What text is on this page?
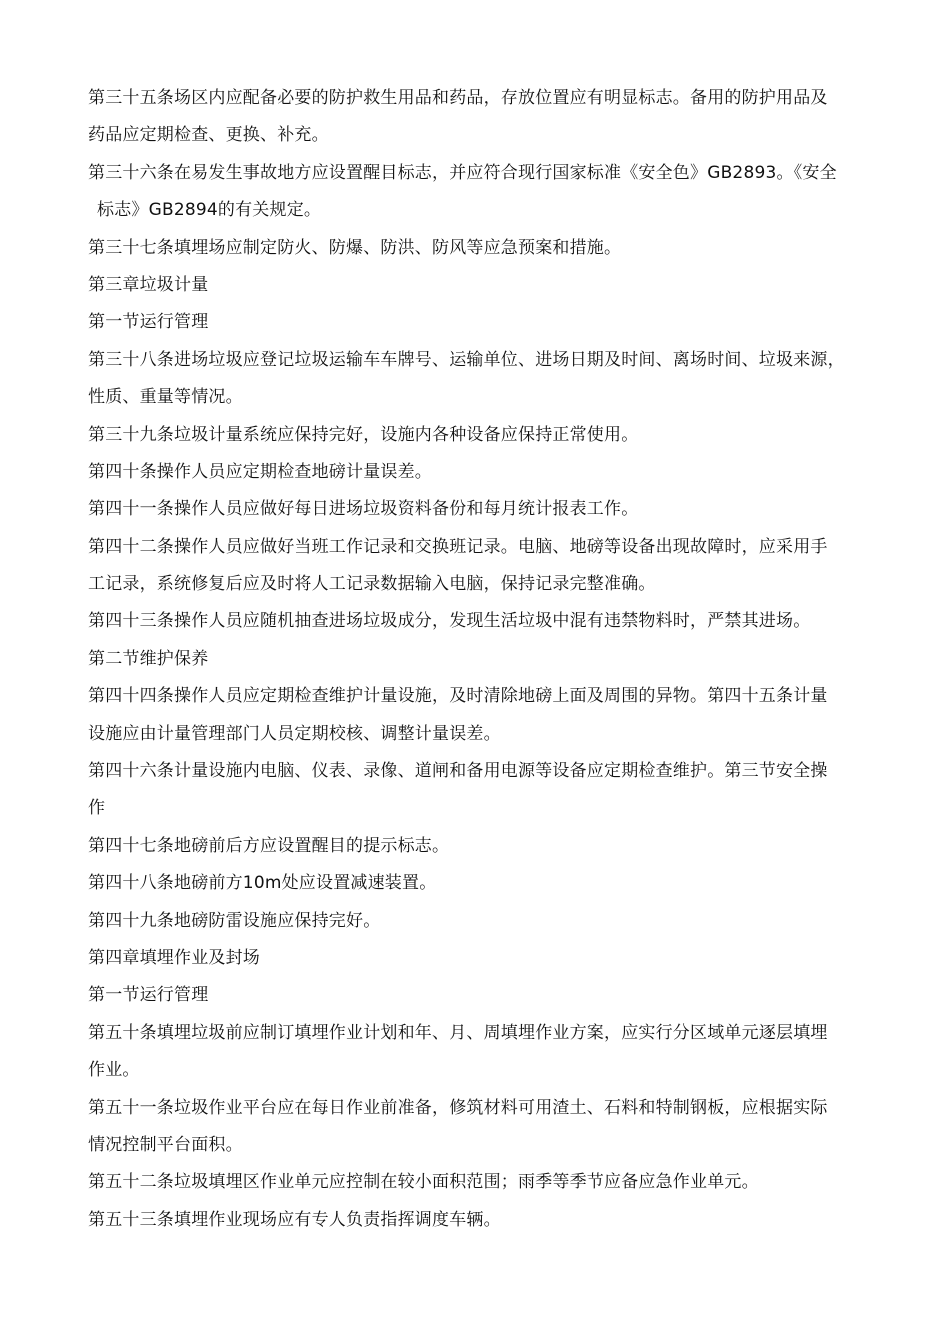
第三十五条场区内应配备必要的防护救生用品和药品，存放位置应有明显标志。备用的防护用品及
药品应定期检查、更换、补充。
第三十六条在易发生事故地方应设置醒目标志，并应符合现行国家标准《安全色》GB2893。《安全
标志》GB2894的有关规定。
第三十七条填埋场应制定防火、防爆、防洪、防风等应急预案和措施。
第三章垃圾计量
第一节运行管理
第三十八条进场垃圾应登记垃圾运输车车牌号、运输单位、进场日期及时间、离场时间、垃圾来源，
性质、重量等情况。
第三十九条垃圾计量系统应保持完好，设施内各种设备应保持正常使用。
第四十条操作人员应定期检查地磅计量误差。
第四十一条操作人员应做好每日进场垃圾资料备份和每月统计报表工作。
第四十二条操作人员应做好当班工作记录和交换班记录。电脑、地磅等设备出现故障时，应采用手
工记录，系统修复后应及时将人工记录数据输入电脑，保持记录完整准确。
第四十三条操作人员应随机抽查进场垃圾成分，发现生活垃圾中混有违禁物料时，严禁其进场。
第二节维护保养
第四十四条操作人员应定期检查维护计量设施，及时清除地磅上面及周围的异物。第四十五条计量
设施应由计量管理部门人员定期校核、调整计量误差。
第四十六条计量设施内电脑、仪表、录像、道闸和备用电源等设备应定期检查维护。第三节安全操
作
第四十七条地磅前后方应设置醒目的提示标志。
第四十八条地磅前方10m处应设置减速装置。
第四十九条地磅防雷设施应保持完好。
第四章填埋作业及封场
第一节运行管理
第五十条填埋垃圾前应制订填埋作业计划和年、月、周填埋作业方案，应实行分区域单元逐层填埋
作业。
第五十一条垃圾作业平台应在每日作业前准备，修筑材料可用渣土、石料和特制钢板，应根据实际
情况控制平台面积。
第五十二条垃圾填埋区作业单元应控制在较小面积范围；雨季等季节应备应急作业单元。
第五十三条填埋作业现场应有专人负责指挥调度车辆。
